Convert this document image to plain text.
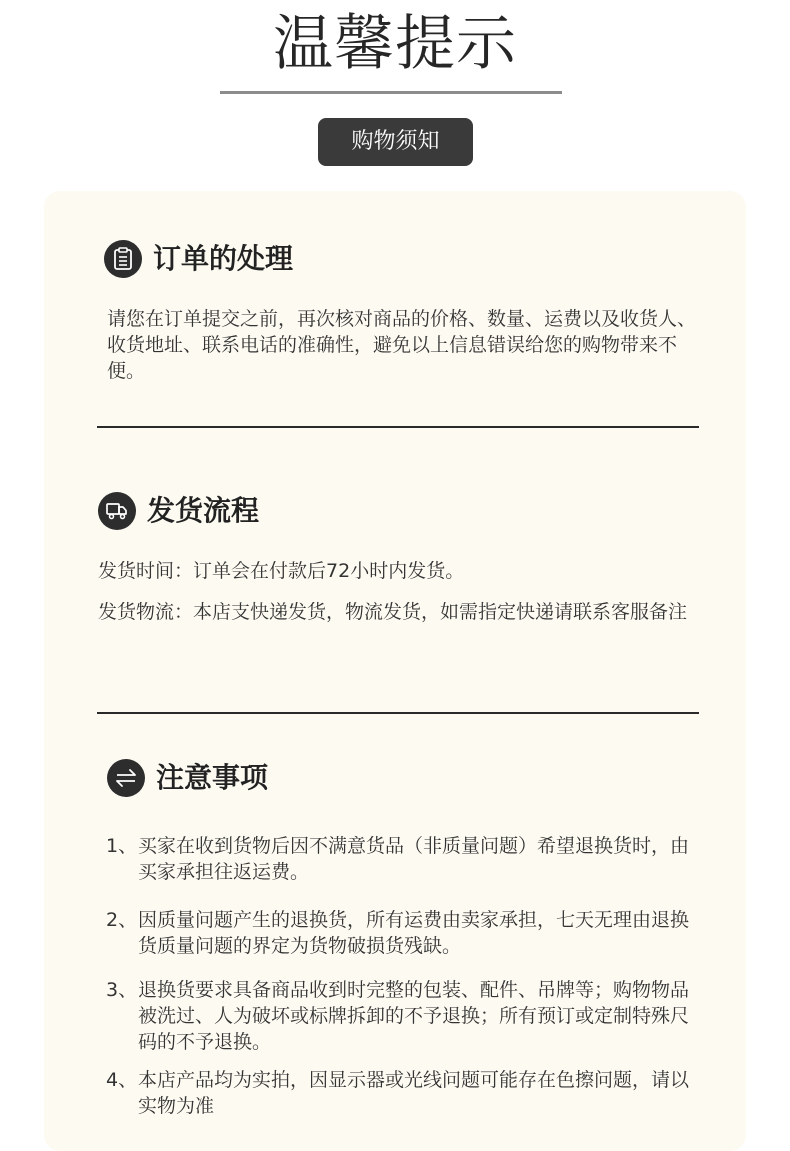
温馨提示
购物须知
订单的处理

请您在订单提交之前，再次核对商品的价格、数量、运费以及收货人、收货地址、联系电话的准确性，避免以上信息错误给您的购物带来不便。

发货流程
发货时间： 订单会在付款后72小时内发货。
发货物流： 本店支快递发货，物流发货，如需指定快递请联系客服备注
注意事项
1、 买家在收到货物后因不满意货品（非质量问题）希望退换货时，由买家承担往返运费。
2、 因质量问题产生的退换货，所有运费由卖家承担，七天无理由退换货质量问题的界定为货物破损货残缺。
3、 退换货要求具备商品收到时完整的包装、配件、吊牌等；购物物品被洗过、人为破坏或标牌拆卸的不予退换；所有预订或定制特殊尺码的不予退换。
4、 本店产品均为实拍，因显示器或光线问题可能存在色擦问题，请以实物为准
